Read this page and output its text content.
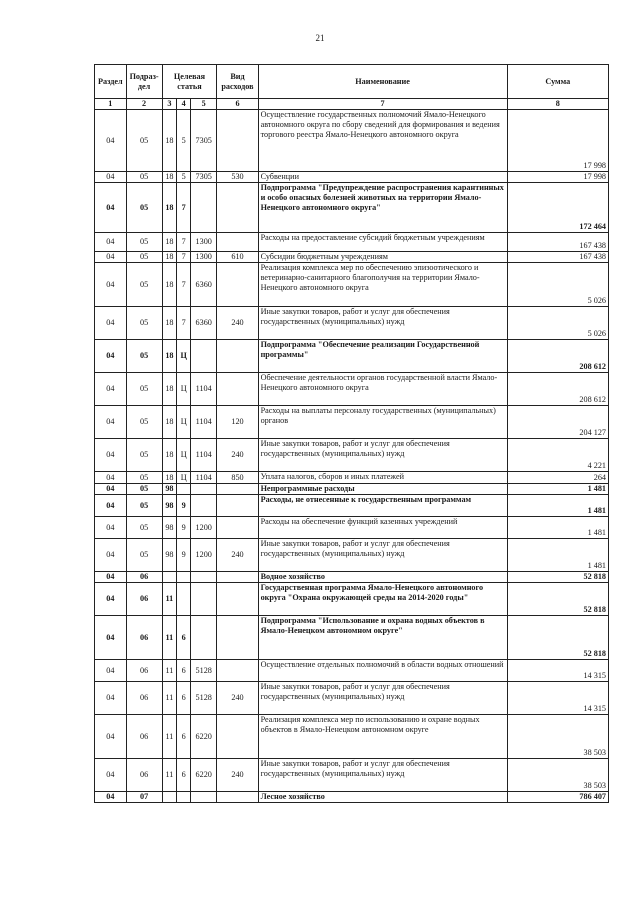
21
Раздел	Подраз-дел	Целевая статья			Вид расходов	Наименование	Сумма
1	2	3	4	5	6	7	8
04	05	18	5	7305		Осуществление государственных полномочий Ямало-Ненецкого автономного округа по сбору сведений для формирования и ведения торгового реестра Ямало-Ненецкого автономного округа	17 998
04	05	18	5	7305	530	Субвенции	17 998
04	05	18	7			Подпрограмма "Предупреждение распространения карантинных и особо опасных болезней животных на территории Ямало-Ненецкого автономного округа"	172 464
04	05	18	7	1300		Расходы на предоставление субсидий бюджетным учреждениям	167 438
04	05	18	7	1300	610	Субсидии бюджетным учреждениям	167 438
04	05	18	7	6360		Реализация комплекса мер по обеспечению эпизоотического и ветеринарно-санитарного благополучия на территории Ямало-Ненецкого автономного округа	5 026
04	05	18	7	6360	240	Иные закупки товаров, работ и услуг для обеспечения государственных (муниципальных) нужд	5 026
04	05	18	Ц			Подпрограмма "Обеспечение реализации Государственной программы"	208 612
04	05	18	Ц	1104		Обеспечение деятельности органов государственной власти Ямало-Ненецкого автономного округа	208 612
04	05	18	Ц	1104	120	Расходы на выплаты персоналу государственных (муниципальных) органов	204 127
04	05	18	Ц	1104	240	Иные закупки товаров, работ и услуг для обеспечения государственных (муниципальных) нужд	4 221
04	05	18	Ц	1104	850	Уплата налогов, сборов и иных платежей	264
04	05	98				Непрограммные расходы	1 481
04	05	98	9			Расходы, не отнесенные к государственным программам	1 481
04	05	98	9	1200		Расходы на обеспечение функций казенных учреждений	1 481
04	05	98	9	1200	240	Иные закупки товаров, работ и услуг для обеспечения государственных (муниципальных) нужд	1 481
04	06					Водное хозяйство	52 818
04	06	11				Государственная программа Ямало-Ненецкого автономного округа "Охрана окружающей среды на 2014-2020 годы"	52 818
04	06	11	6			Подпрограмма "Использование и охрана водных объектов в Ямало-Ненецком автономном округе"	52 818
04	06	11	6	5128		Осуществление отдельных полномочий в области водных отношений	14 315
04	06	11	6	5128	240	Иные закупки товаров, работ и услуг для обеспечения государственных (муниципальных) нужд	14 315
04	06	11	6	6220		Реализация комплекса мер по использованию и охране водных объектов в Ямало-Ненецком автономном округе	38 503
04	06	11	6	6220	240	Иные закупки товаров, работ и услуг для обеспечения государственных (муниципальных) нужд	38 503
04	07					Лесное хозяйство	786 407
